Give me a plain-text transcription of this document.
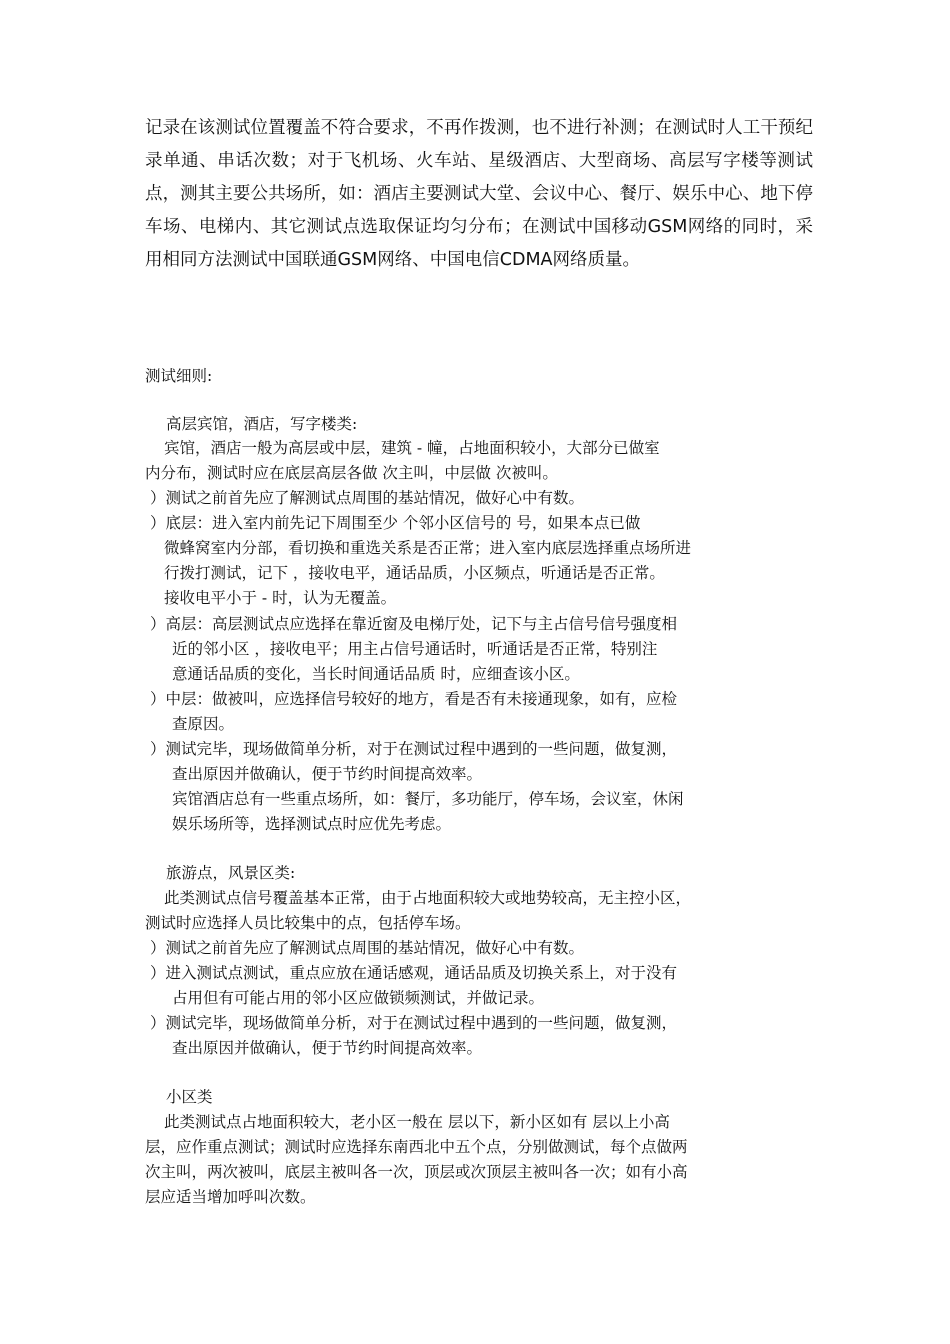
记录在该测试位置覆盖不符合要求，不再作拨测，也不进行补测；在测试时人工干预纪录单通、串话次数；对于飞机场、火车站、星级酒店、大型商场、高层写字楼等测试点，测其主要公共场所，如：酒店主要测试大堂、会议中心、餐厅、娱乐中心、地下停车场、电梯内、其它测试点选取保证均匀分布；在测试中国移动GSM网络的同时，采用相同方法测试中国联通GSM网络、中国电信CDMA网络质量。
测试细则:
高层宾馆，酒店，写字楼类:
宾馆，酒店一般为高层或中层，建筑 - 幢，占地面积较小，大部分已做室
内分布，测试时应在底层高层各做 次主叫，中层做 次被叫。
）测试之前首先应了解测试点周围的基站情况，做好心中有数。
）底层：进入室内前先记下周围至少 个邻小区信号的 号，如果本点已做
微蜂窝室内分部，看切换和重选关系是否正常；进入室内底层选择重点场所进
行拨打测试，记下 ，接收电平，通话品质，小区频点，听通话是否正常。
接收电平小于 - 时，认为无覆盖。
）高层：高层测试点应选择在靠近窗及电梯厅处，记下与主占信号信号强度相
近的邻小区 ，接收电平；用主占信号通话时，听通话是否正常，特别注
意通话品质的变化，当长时间通话品质 时，应细查该小区。
）中层：做被叫，应选择信号较好的地方，看是否有未接通现象，如有，应检
查原因。
）测试完毕，现场做简单分析，对于在测试过程中遇到的一些问题，做复测，
查出原因并做确认，便于节约时间提高效率。
宾馆酒店总有一些重点场所，如：餐厅，多功能厅，停车场，会议室，休闲
娱乐场所等，选择测试点时应优先考虑。
旅游点，风景区类:
此类测试点信号覆盖基本正常，由于占地面积较大或地势较高，无主控小区，
测试时应选择人员比较集中的点，包括停车场。
）测试之前首先应了解测试点周围的基站情况，做好心中有数。
）进入测试点测试，重点应放在通话感观，通话品质及切换关系上，对于没有
占用但有可能占用的邻小区应做锁频测试，并做记录。
）测试完毕，现场做简单分析，对于在测试过程中遇到的一些问题，做复测，
查出原因并做确认，便于节约时间提高效率。
小区类
此类测试点占地面积较大，老小区一般在 层以下，新小区如有 层以上小高
层，应作重点测试；测试时应选择东南西北中五个点，分别做测试，每个点做两
次主叫，两次被叫，底层主被叫各一次，顶层或次顶层主被叫各一次；如有小高
层应适当增加呼叫次数。
